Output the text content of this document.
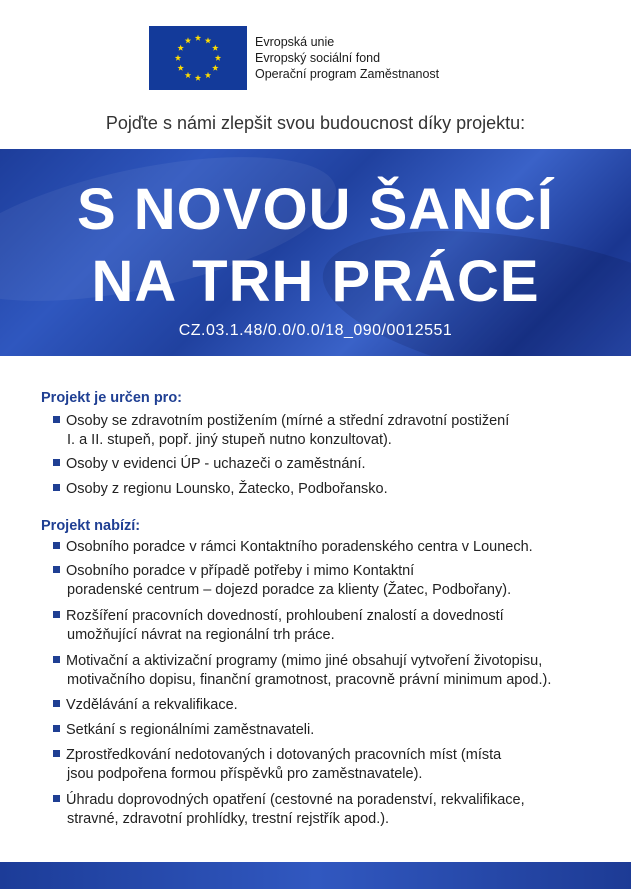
Evropská unie
Evropský sociální fond
Operační program Zaměstnanost
Pojďte s námi zlepšit svou budoucnost díky projektu:
S NOVOU ŠANCÍ
NA TRH PRÁCE
CZ.03.1.48/0.0/0.0/18_090/0012551
Projekt je určen pro:
Osoby se zdravotním postižením (mírné a střední zdravotní postižení
I. a II. stupeň, popř. jiný stupeň nutno konzultovat).
Osoby v evidenci ÚP - uchazeči o zaměstnání.
Osoby z regionu Lounsko, Žatecko, Podbořansko.
Projekt nabízí:
Osobního poradce v rámci Kontaktního poradenského centra v Lounech.
Osobního poradce v případě potřeby i mimo Kontaktní
poradenské centrum – dojezd poradce za klienty (Žatec, Podbořany).
Rozšíření pracovních dovedností, prohloubení znalostí a dovedností
umožňující návrat na regionální trh práce.
Motivační a aktivizační programy (mimo jiné obsahují vytvoření životopisu,
motivačního dopisu, finanční gramotnost, pracovně právní minimum apod.).
Vzdělávání a rekvalifikace.
Setkání s regionálními zaměstnavateli.
Zprostředkování nedotovaných i dotovaných pracovních míst (místa
jsou podpořena formou příspěvků pro zaměstnavatele).
Úhradu doprovodných opatření (cestovné na poradenství, rekvalifikace,
stravné, zdravotní prohlídky, trestní rejstřík apod.).
